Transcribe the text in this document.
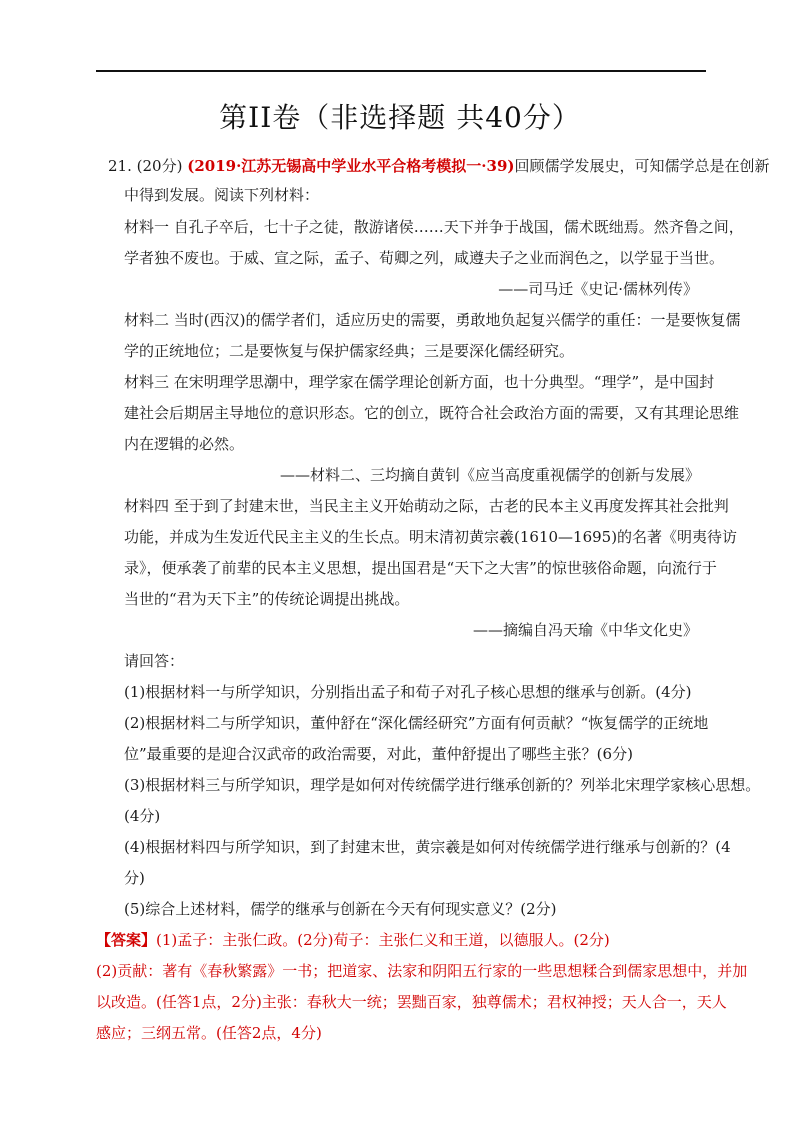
第II卷（非选择题 共40分）
21. (20分) (2019·江苏无锡高中学业水平合格考模拟一·39)回顾儒学发展史，可知儒学总是在创新
中得到发展。阅读下列材料：
材料一 自孔子卒后，七十子之徒，散游诸侯……天下并争于战国，儒术既绌焉。然齐鲁之间，
学者独不废也。于威、宣之际，孟子、荀卿之列，咸遵夫子之业而润色之，以学显于当世。
——司马迁《史记·儒林列传》
材料二 当时(西汉)的儒学者们，适应历史的需要，勇敢地负起复兴儒学的重任：一是要恢复儒
学的正统地位；二是要恢复与保护儒家经典；三是要深化儒经研究。
材料三 在宋明理学思潮中，理学家在儒学理论创新方面，也十分典型。“理学”，是中国封
建社会后期居主导地位的意识形态。它的创立，既符合社会政治方面的需要，又有其理论思维
内在逻辑的必然。
——材料二、三均摘自黄钊《应当高度重视儒学的创新与发展》
材料四 至于到了封建末世，当民主主义开始萌动之际，古老的民本主义再度发挥其社会批判
功能，并成为生发近代民主主义的生长点。明末清初黄宗羲(1610—1695)的名著《明夷待访
录》，便承袭了前辈的民本主义思想，提出国君是“天下之大害”的惊世骇俗命题，向流行于
当世的“君为天下主”的传统论调提出挑战。
——摘编自冯天瑜《中华文化史》
请回答：
(1)根据材料一与所学知识，分别指出孟子和荀子对孔子核心思想的继承与创新。(4分)
(2)根据材料二与所学知识，董仲舒在“深化儒经研究”方面有何贡献？“恢复儒学的正统地
位”最重要的是迎合汉武帝的政治需要，对此，董仲舒提出了哪些主张？(6分)
(3)根据材料三与所学知识，理学是如何对传统儒学进行继承创新的？列举北宋理学家核心思想。
(4分)
(4)根据材料四与所学知识，到了封建末世，黄宗羲是如何对传统儒学进行继承与创新的？(4
分)
(5)综合上述材料，儒学的继承与创新在今天有何现实意义？(2分)
【答案】(1)孟子：主张仁政。(2分)荀子：主张仁义和王道，以德服人。(2分)
(2)贡献：著有《春秋繁露》一书；把道家、法家和阴阳五行家的一些思想糅合到儒家思想中，并加
以改造。(任答1点，2分)主张：春秋大一统；罢黜百家，独尊儒术；君权神授；天人合一，天人
感应；三纲五常。(任答2点，4分)
